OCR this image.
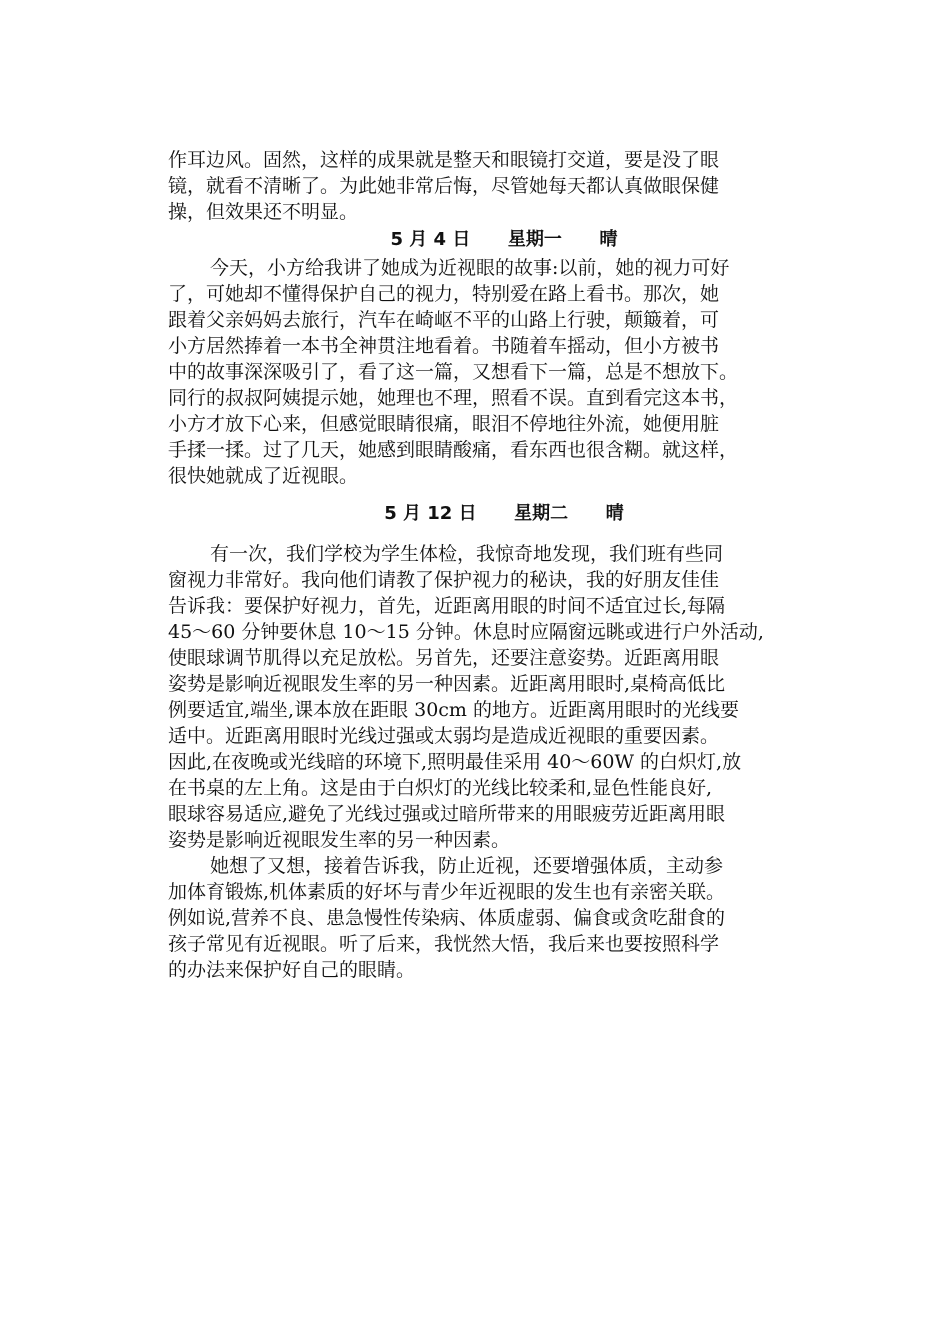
作耳边风。固然，这样的成果就是整天和眼镜打交道，要是没了眼
镜，就看不清晰了。为此她非常后悔，尽管她每天都认真做眼保健
操，但效果还不明显。
5 月 4 日      星期一      晴
今天，小方给我讲了她成为近视眼的故事:以前，她的视力可好
了，可她却不懂得保护自己的视力，特别爱在路上看书。那次，她
跟着父亲妈妈去旅行，汽车在崎岖不平的山路上行驶，颠簸着，可
小方居然捧着一本书全神贯注地看着。书随着车摇动，但小方被书
中的故事深深吸引了，看了这一篇，又想看下一篇，总是不想放下。
同行的叔叔阿姨提示她，她理也不理，照看不误。直到看完这本书，
小方才放下心来，但感觉眼睛很痛，眼泪不停地往外流，她便用脏
手揉一揉。过了几天，她感到眼睛酸痛，看东西也很含糊。就这样，
很快她就成了近视眼。
5 月 12 日      星期二      晴
有一次，我们学校为学生体检，我惊奇地发现，我们班有些同
窗视力非常好。我向他们请教了保护视力的秘诀，我的好朋友佳佳
告诉我：要保护好视力，首先，近距离用眼的时间不适宜过长,每隔
45～60 分钟要休息 10～15 分钟。休息时应隔窗远眺或进行户外活动,
使眼球调节肌得以充足放松。另首先，还要注意姿势。近距离用眼
姿势是影响近视眼发生率的另一种因素。近距离用眼时,桌椅高低比
例要适宜,端坐,课本放在距眼 30cm 的地方。近距离用眼时的光线要
适中。近距离用眼时光线过强或太弱均是造成近视眼的重要因素。
因此,在夜晚或光线暗的环境下,照明最佳采用 40～60W 的白炽灯,放
在书桌的左上角。这是由于白炽灯的光线比较柔和,显色性能良好,
眼球容易适应,避免了光线过强或过暗所带来的用眼疲劳近距离用眼
姿势是影响近视眼发生率的另一种因素。
她想了又想，接着告诉我，防止近视，还要增强体质，主动参
加体育锻炼,机体素质的好坏与青少年近视眼的发生也有亲密关联。
例如说,营养不良、患急慢性传染病、体质虚弱、偏食或贪吃甜食的
孩子常见有近视眼。听了后来，我恍然大悟，我后来也要按照科学
的办法来保护好自己的眼睛。
